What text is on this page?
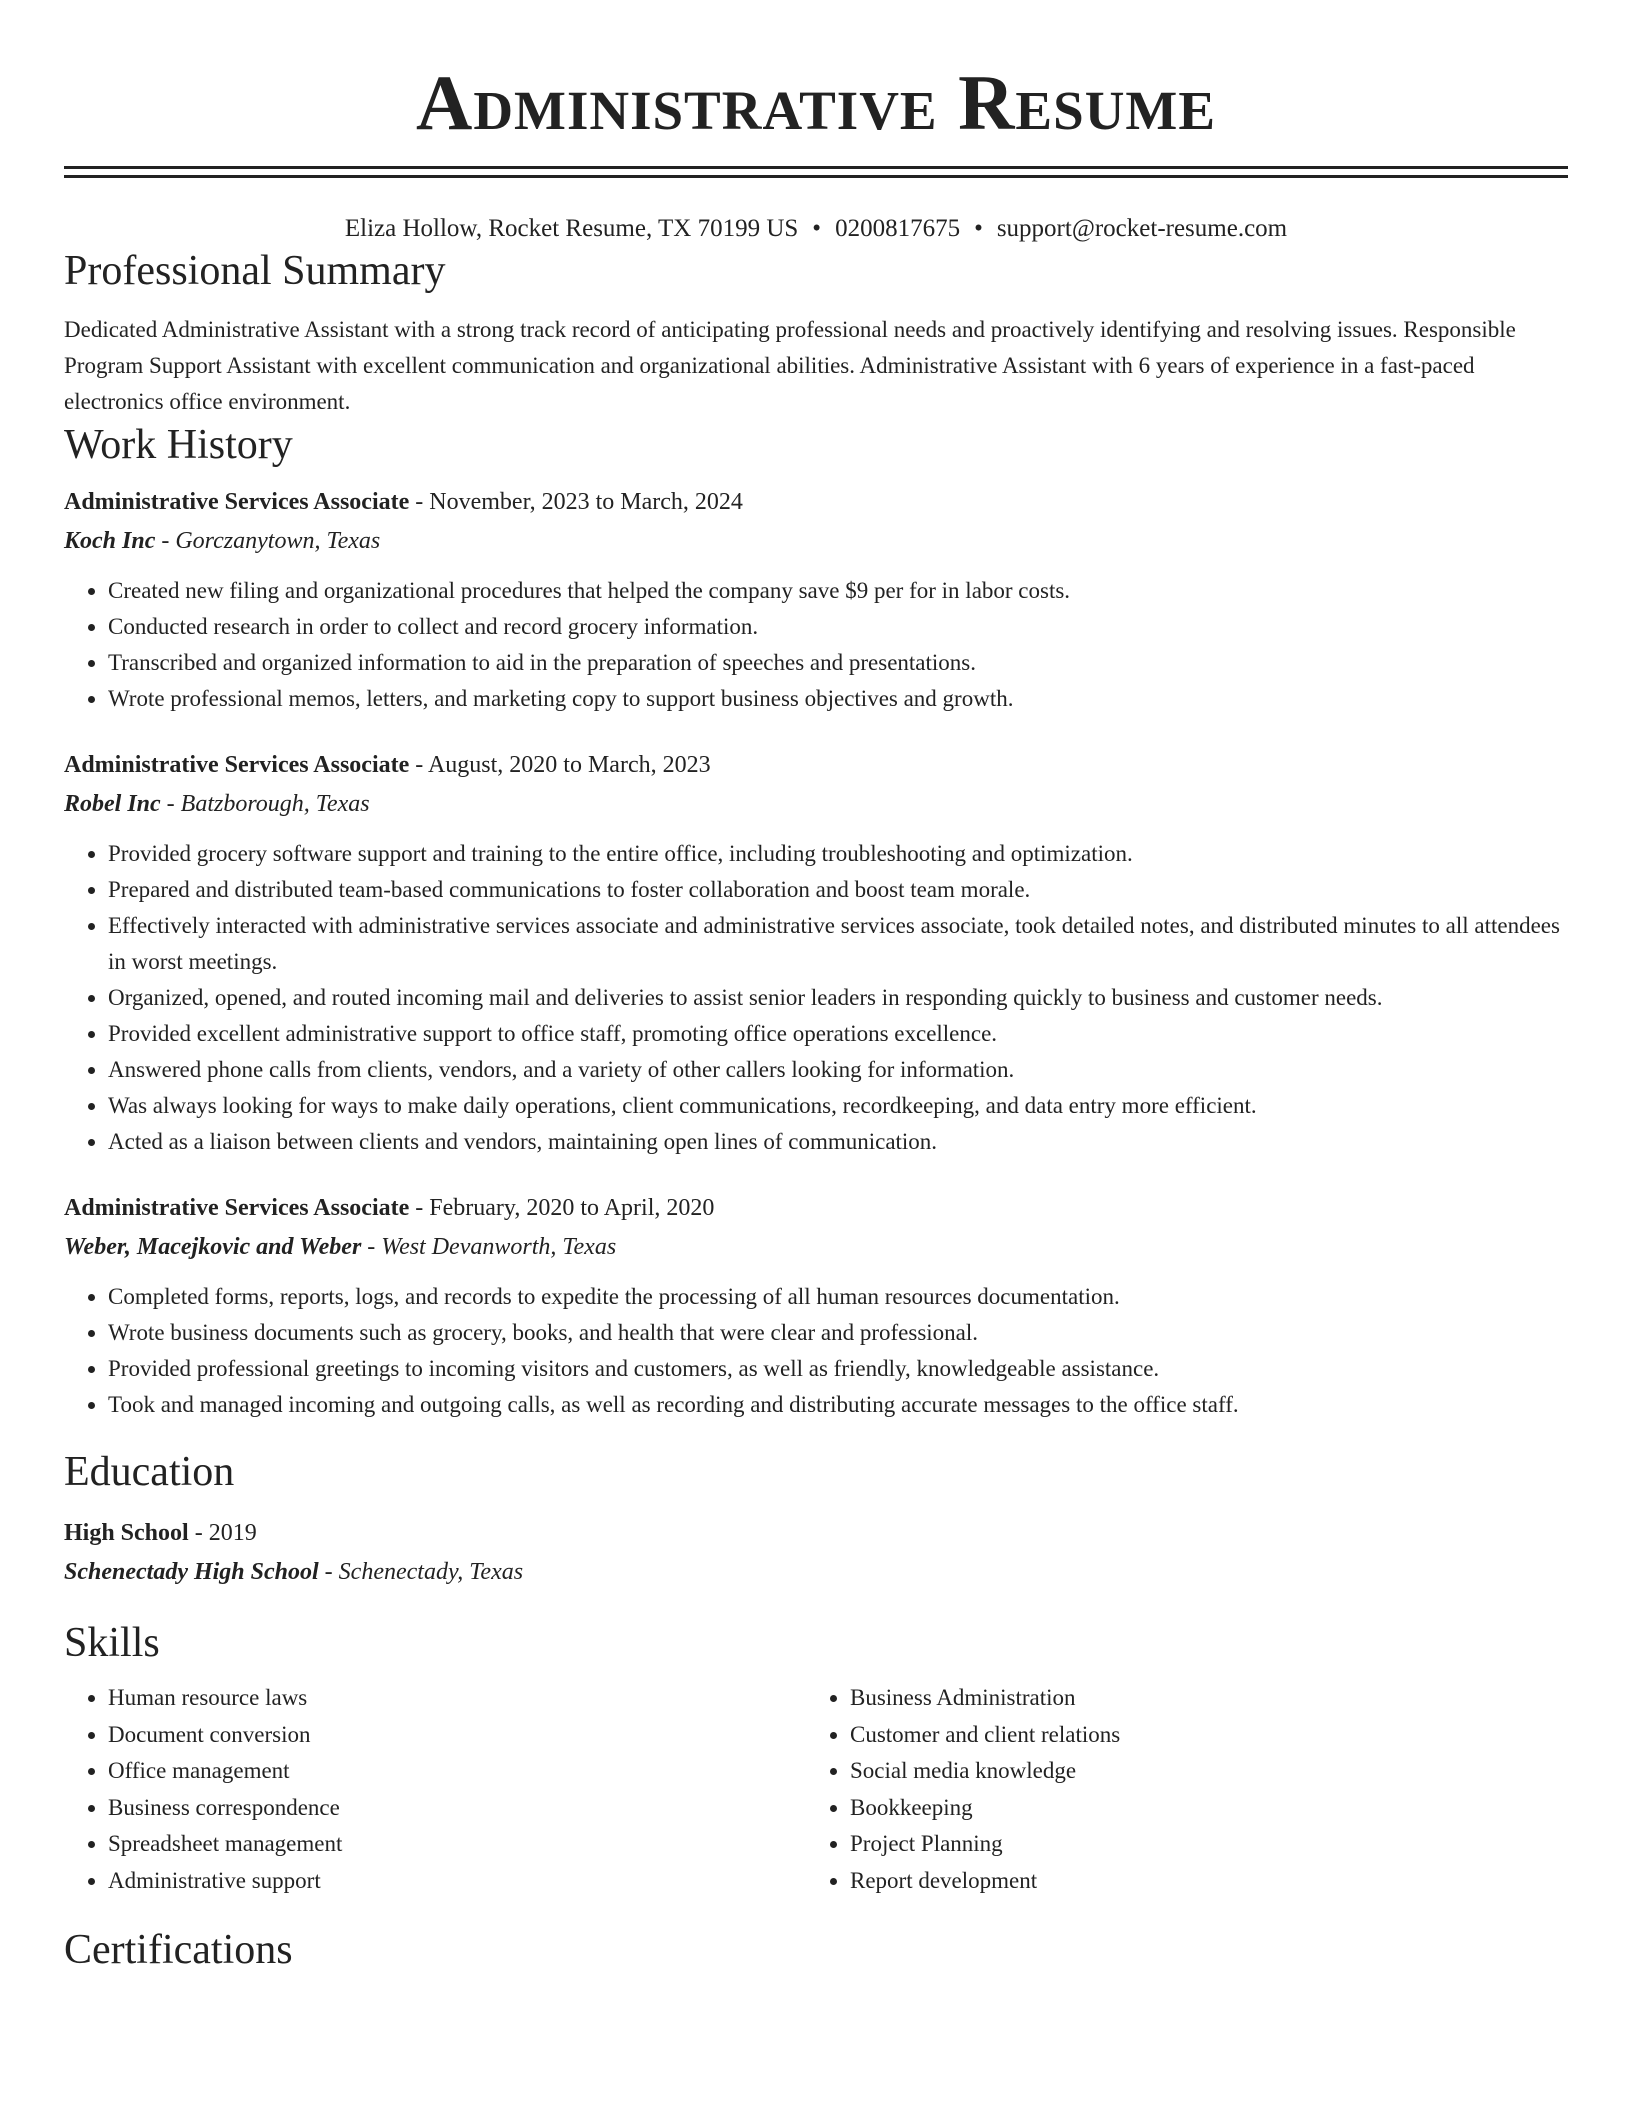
Administrative Resume
Eliza Hollow, Rocket Resume, TX 70199 US • 0200817675 • support@rocket-resume.com
Professional Summary
Dedicated Administrative Assistant with a strong track record of anticipating professional needs and proactively identifying and resolving issues. Responsible Program Support Assistant with excellent communication and organizational abilities. Administrative Assistant with 6 years of experience in a fast-paced electronics office environment.
Work History
Administrative Services Associate - November, 2023 to March, 2024
Koch Inc - Gorczanytown, Texas
• Created new filing and organizational procedures that helped the company save $9 per for in labor costs.
• Conducted research in order to collect and record grocery information.
• Transcribed and organized information to aid in the preparation of speeches and presentations.
• Wrote professional memos, letters, and marketing copy to support business objectives and growth.
Administrative Services Associate - August, 2020 to March, 2023
Robel Inc - Batzborough, Texas
• Provided grocery software support and training to the entire office, including troubleshooting and optimization.
• Prepared and distributed team-based communications to foster collaboration and boost team morale.
• Effectively interacted with administrative services associate and administrative services associate, took detailed notes, and distributed minutes to all attendees in worst meetings.
• Organized, opened, and routed incoming mail and deliveries to assist senior leaders in responding quickly to business and customer needs.
• Provided excellent administrative support to office staff, promoting office operations excellence.
• Answered phone calls from clients, vendors, and a variety of other callers looking for information.
• Was always looking for ways to make daily operations, client communications, recordkeeping, and data entry more efficient.
• Acted as a liaison between clients and vendors, maintaining open lines of communication.
Administrative Services Associate - February, 2020 to April, 2020
Weber, Macejkovic and Weber - West Devanworth, Texas
• Completed forms, reports, logs, and records to expedite the processing of all human resources documentation.
• Wrote business documents such as grocery, books, and health that were clear and professional.
• Provided professional greetings to incoming visitors and customers, as well as friendly, knowledgeable assistance.
• Took and managed incoming and outgoing calls, as well as recording and distributing accurate messages to the office staff.
Education
High School - 2019
Schenectady High School - Schenectady, Texas
Skills
• Human resource laws
• Document conversion
• Office management
• Business correspondence
• Spreadsheet management
• Administrative support
• Business Administration
• Customer and client relations
• Social media knowledge
• Bookkeeping
• Project Planning
• Report development
Certifications
